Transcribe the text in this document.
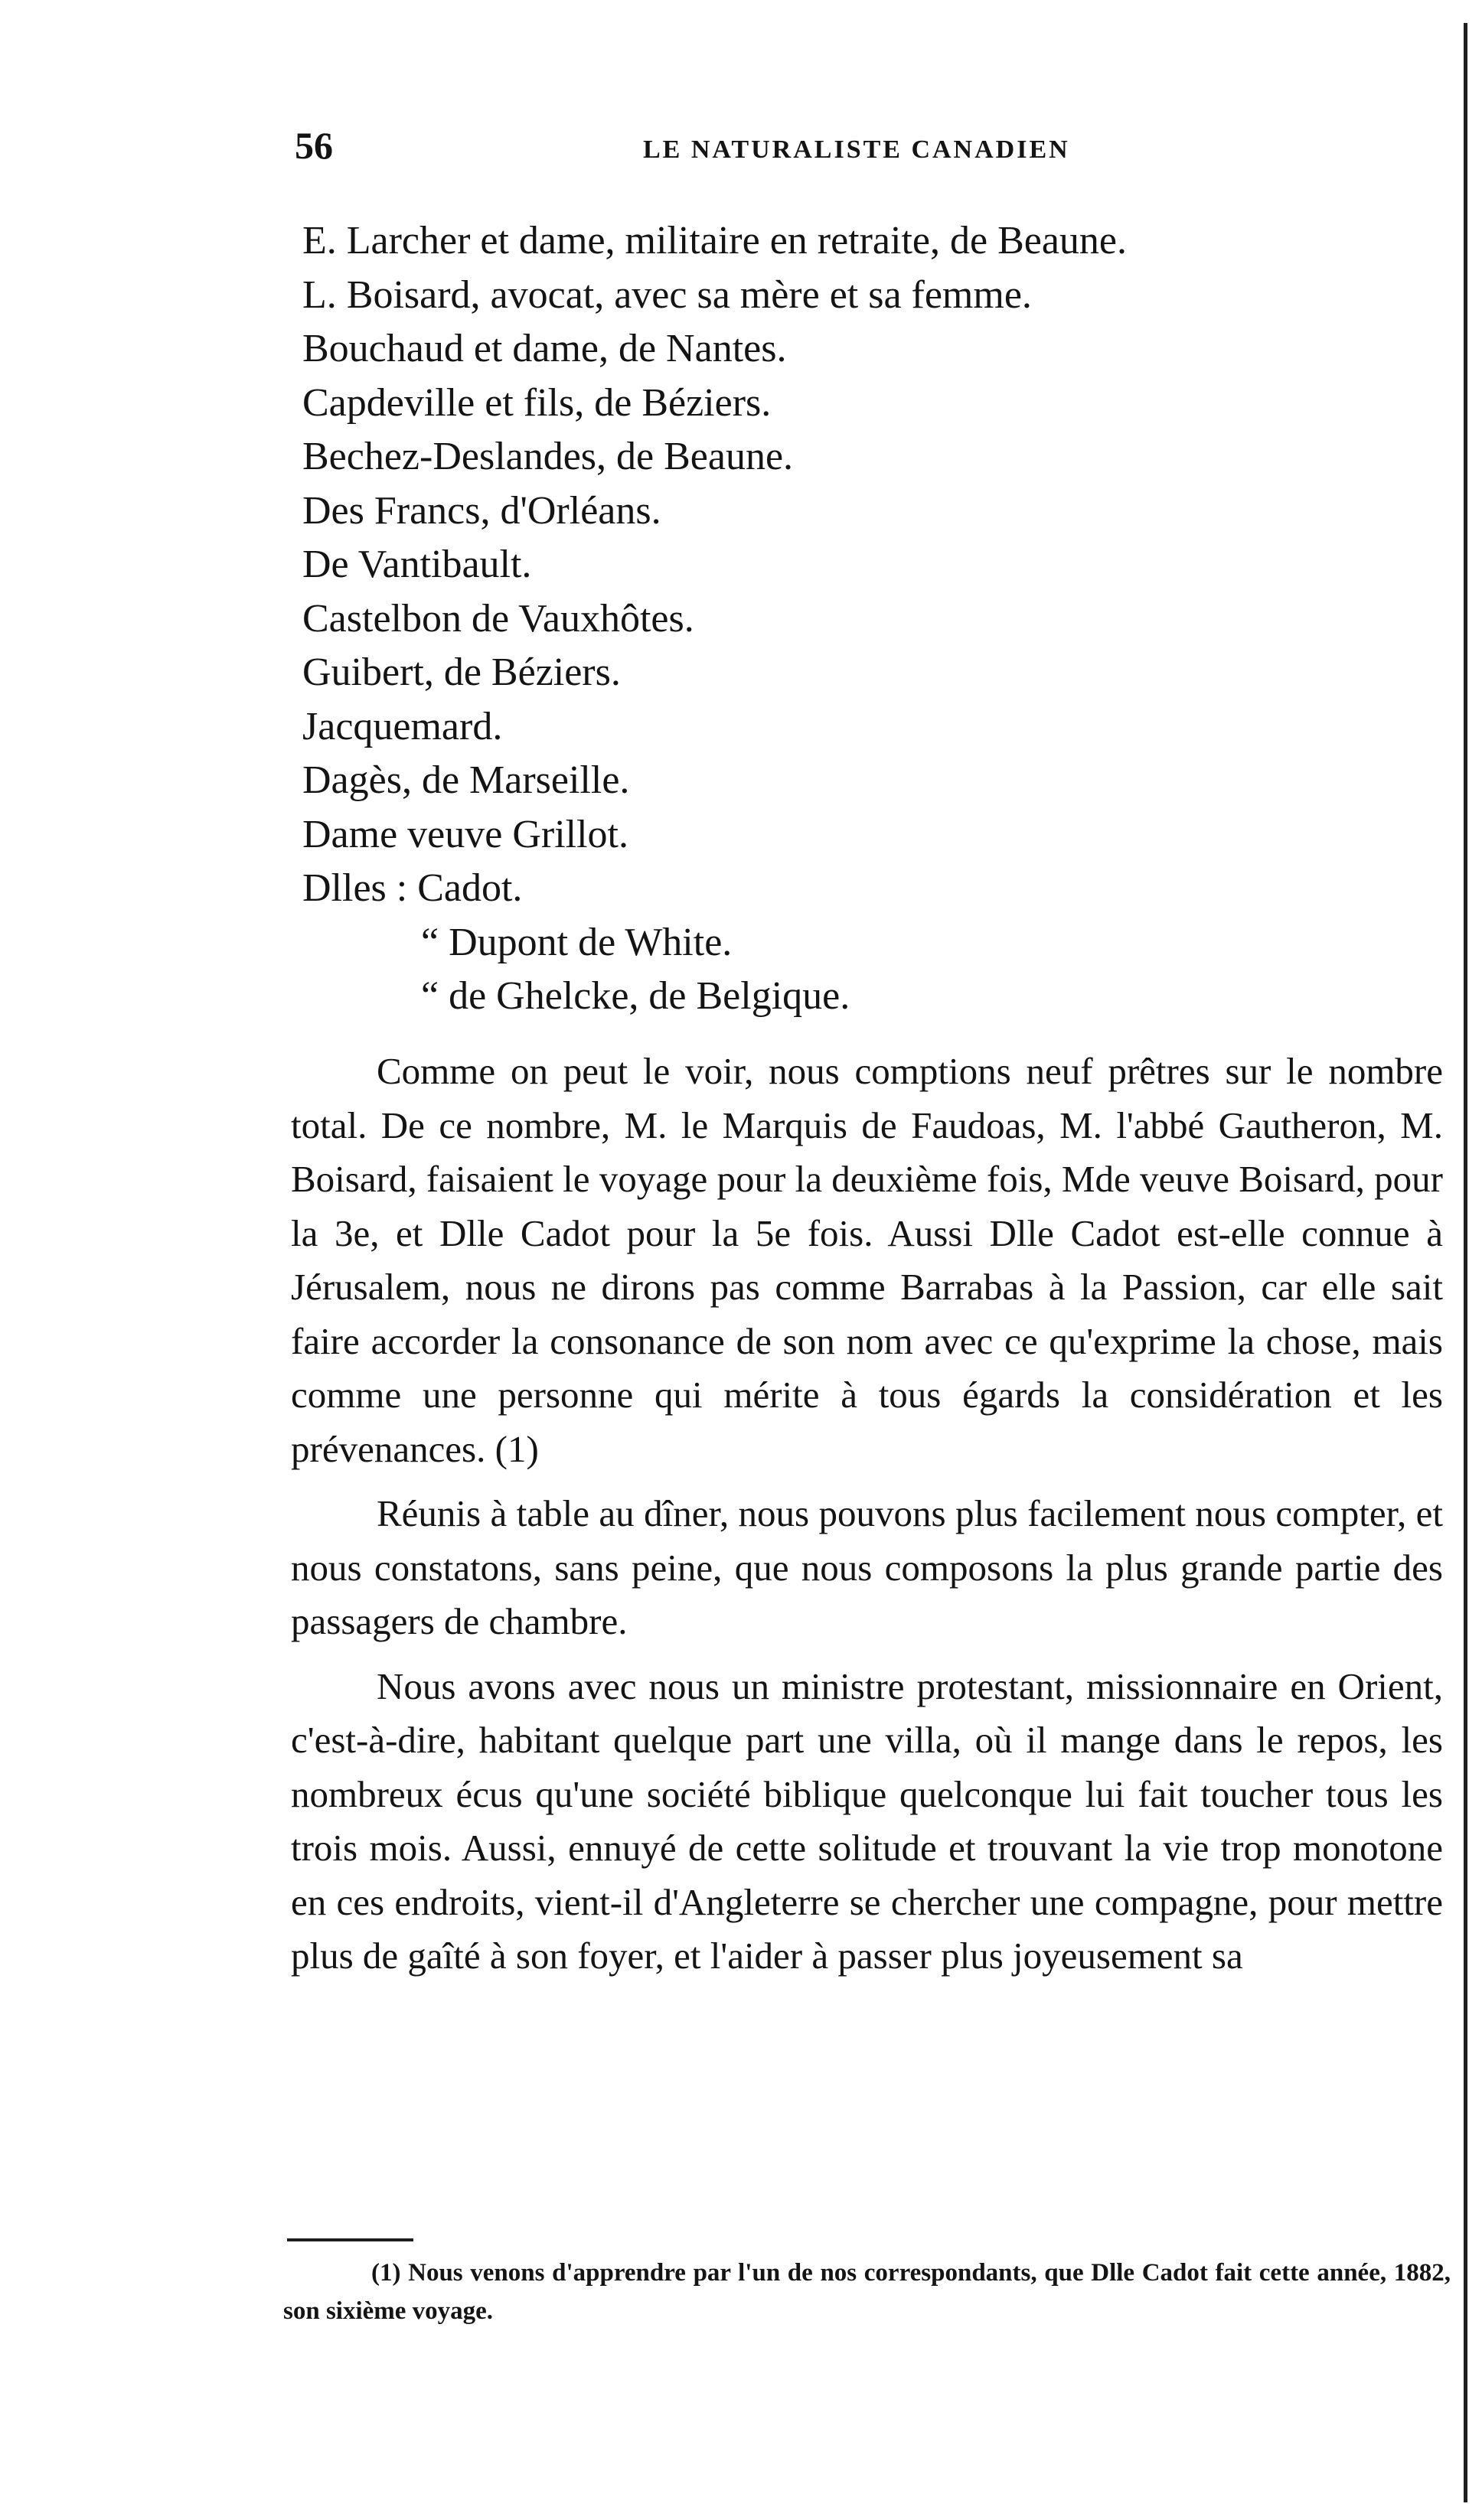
56	LE NATURALISTE CANADIEN
E. Larcher et dame, militaire en retraite, de Beaune.
L. Boisard, avocat, avec sa mère et sa femme.
Bouchaud et dame, de Nantes.
Capdeville et fils, de Béziers.
Bechez-Deslandes, de Beaune.
Des Francs, d'Orléans.
De Vantibault.
Castelbon de Vauxhôtes.
Guibert, de Béziers.
Jacquemard.
Dagès, de Marseille.
Dame veuve Grillot.
Dlles : Cadot.
“ Dupont de White.
“ de Ghelcke, de Belgique.

Comme on peut le voir, nous comptions neuf prêtres sur le nombre total. De ce nombre, M. le Marquis de Faudoas, M. l'abbé Gautheron, M. Boisard, faisaient le voyage pour la deuxième fois, Mde veuve Boisard, pour la 3e, et Dlle Cadot pour la 5e fois. Aussi Dlle Cadot est-elle connue à Jérusalem, nous ne dirons pas comme Barrabas à la Passion, car elle sait faire accorder la consonance de son nom avec ce qu'exprime la chose, mais comme une personne qui mérite à tous égards la considération et les prévenances. (1)

Réunis à table au dîner, nous pouvons plus facilement nous compter, et nous constatons, sans peine, que nous composons la plus grande partie des passagers de chambre.

Nous avons avec nous un ministre protestant, missionnaire en Orient, c'est-à-dire, habitant quelque part une villa, où il mange dans le repos, les nombreux écus qu'une société biblique quelconque lui fait toucher tous les trois mois. Aussi, ennuyé de cette solitude et trouvant la vie trop monotone en ces endroits, vient-il d'Angleterre se chercher une compagne, pour mettre plus de gaîté à son foyer, et l'aider à passer plus joyeusement sa

(1) Nous venons d'apprendre par l'un de nos correspondants, que Dlle Cadot fait cette année, 1882, son sixième voyage.
